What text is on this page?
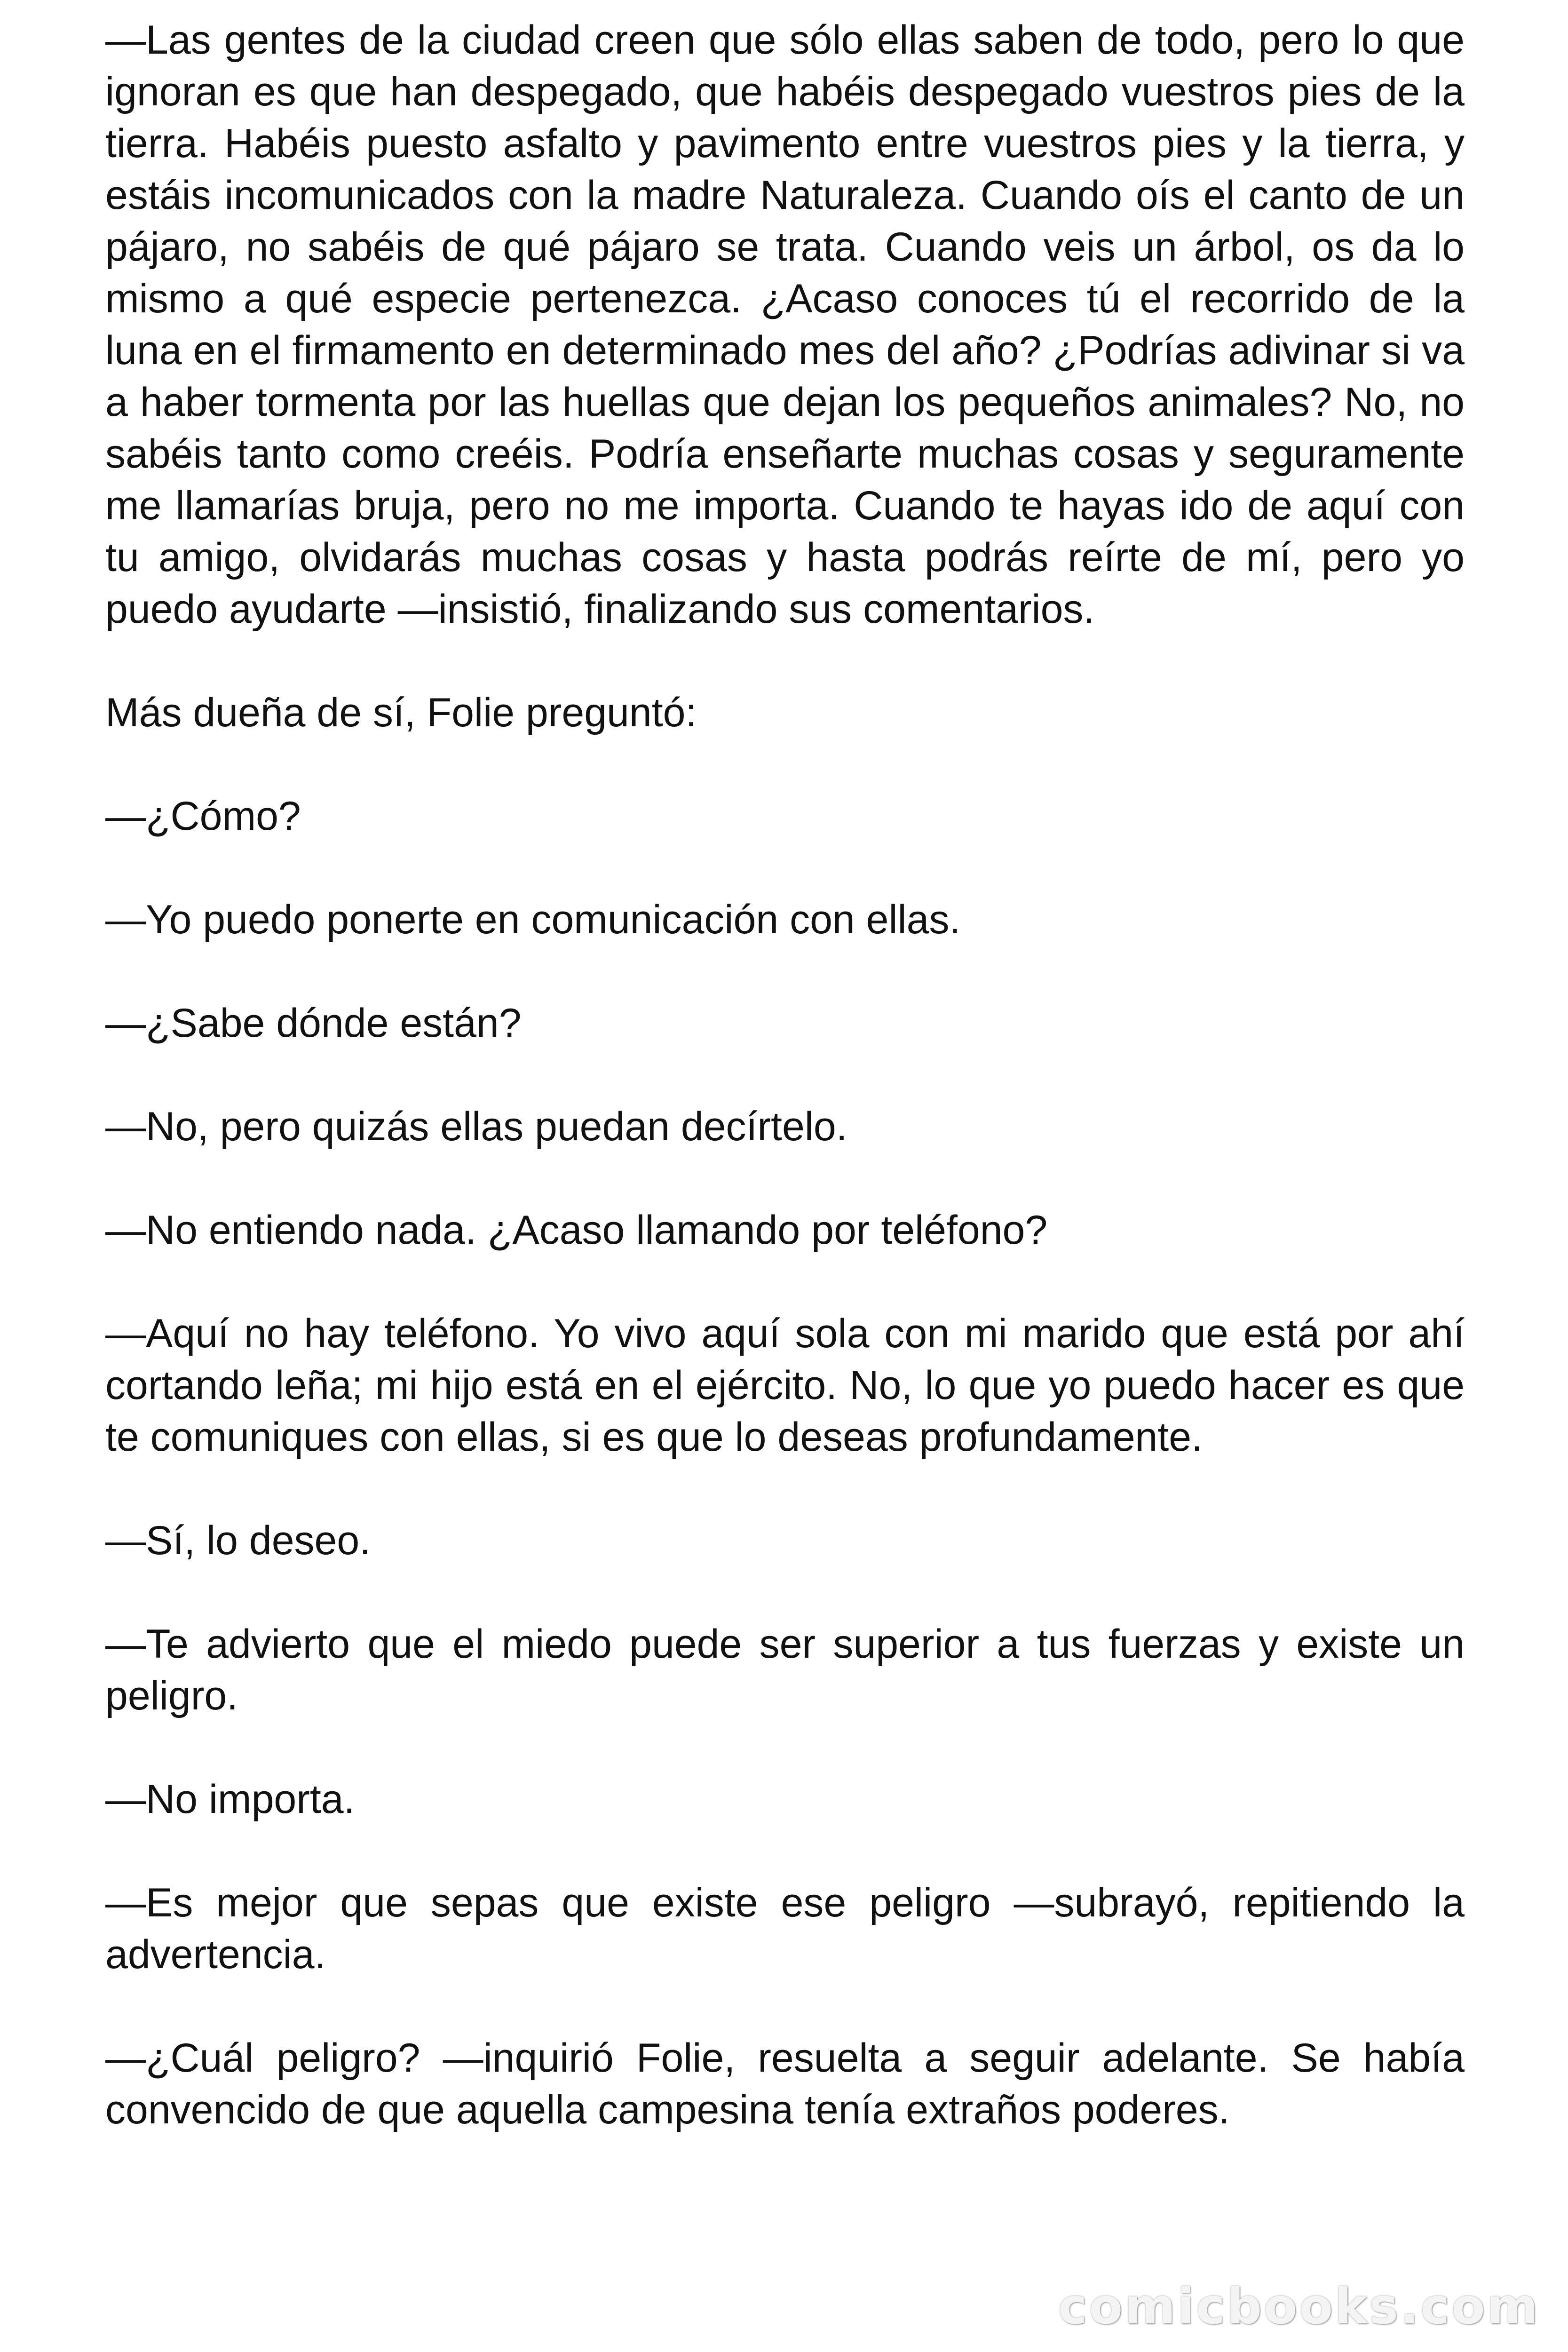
—Las gentes de la ciudad creen que sólo ellas saben de todo, pero lo que ignoran es que han despegado, que habéis despegado vuestros pies de la tierra. Habéis puesto asfalto y pavimento entre vuestros pies y la tierra, y estáis incomunicados con la madre Naturaleza. Cuando oís el canto de un pájaro, no sabéis de qué pájaro se trata. Cuando veis un árbol, os da lo mismo a qué especie pertenezca. ¿Acaso conoces tú el recorrido de la luna en el firmamento en determinado mes del año? ¿Podrías adivinar si va a haber tormenta por las huellas que dejan los pequeños animales? No, no sabéis tanto como creéis. Podría enseñarte muchas cosas y seguramente me llamarías bruja, pero no me importa. Cuando te hayas ido de aquí con tu amigo, olvidarás muchas cosas y hasta podrás reírte de mí, pero yo puedo ayudarte —insistió, finalizando sus comentarios.

Más dueña de sí, Folie preguntó:

—¿Cómo?

—Yo puedo ponerte en comunicación con ellas.

—¿Sabe dónde están?

—No, pero quizás ellas puedan decírtelo.

—No entiendo nada. ¿Acaso llamando por teléfono?

—Aquí no hay teléfono. Yo vivo aquí sola con mi marido que está por ahí cortando leña; mi hijo está en el ejército. No, lo que yo puedo hacer es que te comuniques con ellas, si es que lo deseas profundamente.

—Sí, lo deseo.

—Te advierto que el miedo puede ser superior a tus fuerzas y existe un peligro.

—No importa.

—Es mejor que sepas que existe ese peligro —subrayó, repitiendo la advertencia.

—¿Cuál peligro? —inquirió Folie, resuelta a seguir adelante. Se había convencido de que aquella campesina tenía extraños poderes.

comicbooks.com
